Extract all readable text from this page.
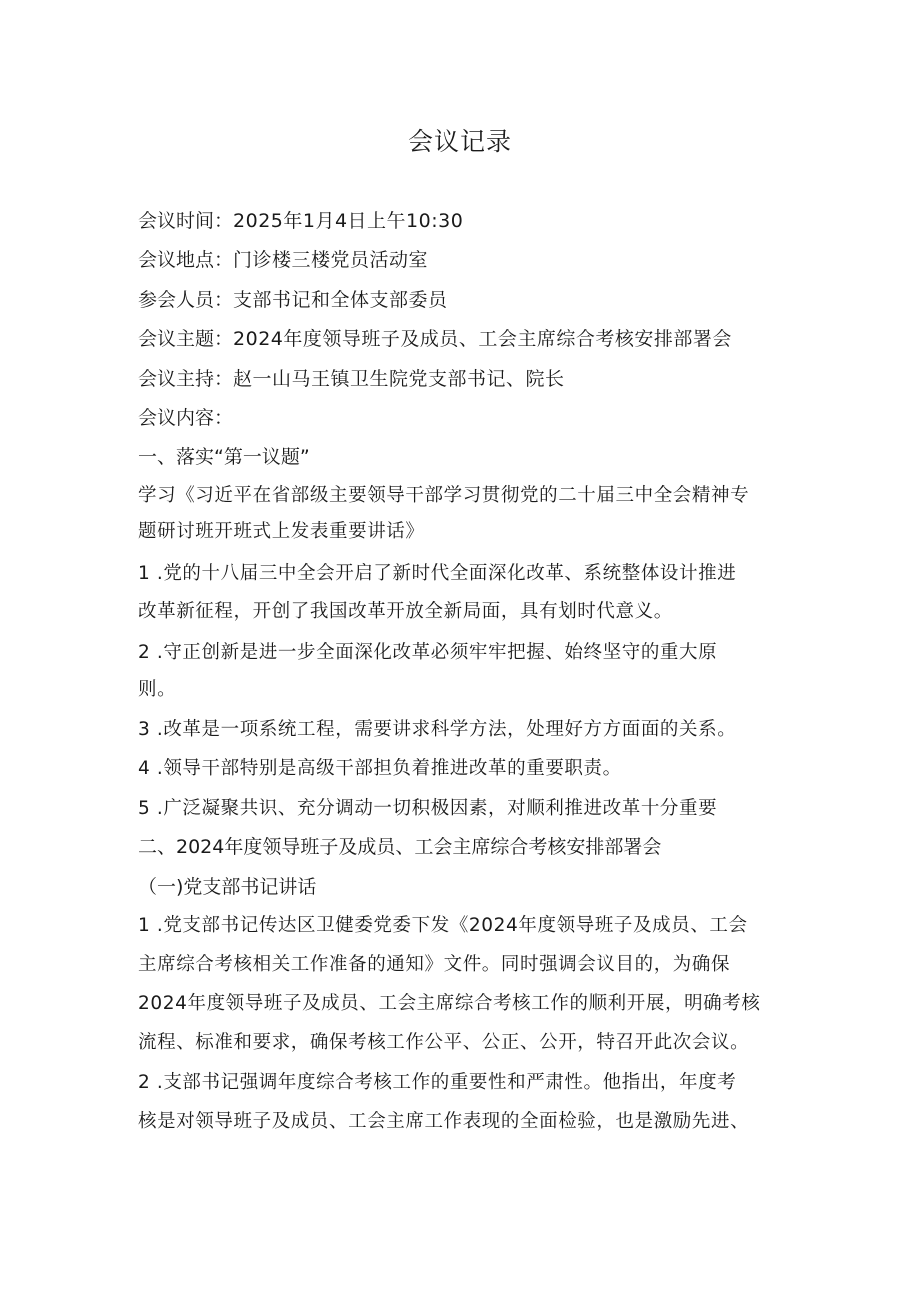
会议记录
会议时间：2025年1月4日上午10:30
会议地点：门诊楼三楼党员活动室
参会人员：支部书记和全体支部委员
会议主题：2024年度领导班子及成员、工会主席综合考核安排部署会
会议主持：赵一山马王镇卫生院党支部书记、院长
会议内容：
一、落实“第一议题”
学习《习近平在省部级主要领导干部学习贯彻党的二十届三中全会精神专
题研讨班开班式上发表重要讲话》
1 .党的十八届三中全会开启了新时代全面深化改革、系统整体设计推进
改革新征程，开创了我国改革开放全新局面，具有划时代意义。
2 .守正创新是进一步全面深化改革必须牢牢把握、始终坚守的重大原
则。
3 .改革是一项系统工程，需要讲求科学方法，处理好方方面面的关系。
4 .领导干部特别是高级干部担负着推进改革的重要职责。
5 .广泛凝聚共识、充分调动一切积极因素，对顺利推进改革十分重要
二、2024年度领导班子及成员、工会主席综合考核安排部署会
（一)党支部书记讲话
1 .党支部书记传达区卫健委党委下发《2024年度领导班子及成员、工会
主席综合考核相关工作准备的通知》文件。同时强调会议目的，为确保
2024年度领导班子及成员、工会主席综合考核工作的顺利开展，明确考核
流程、标准和要求，确保考核工作公平、公正、公开，特召开此次会议。
2 .支部书记强调年度综合考核工作的重要性和严肃性。他指出，年度考
核是对领导班子及成员、工会主席工作表现的全面检验，也是激励先进、
